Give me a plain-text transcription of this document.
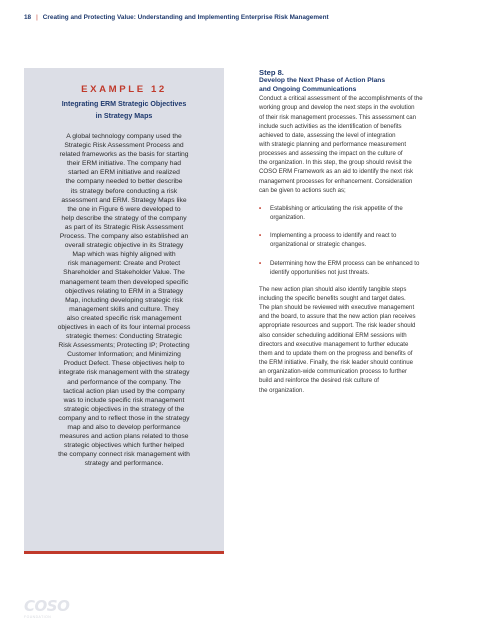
18 | Creating and Protecting Value: Understanding and Implementing Enterprise Risk Management
EXAMPLE 12
Integrating ERM Strategic Objectives
in Strategy Maps
A global technology company used the
Strategic Risk Assessment Process and
related frameworks as the basis for starting
their ERM initiative. The company had
started an ERM initiative and realized
the company needed to better describe
its strategy before conducting a risk
assessment and ERM. Strategy Maps like
the one in Figure 6 were developed to
help describe the strategy of the company
as part of its Strategic Risk Assessment
Process. The company also established an
overall strategic objective in its Strategy
Map which was highly aligned with
risk management: Create and Protect
Shareholder and Stakeholder Value. The
management team then developed specific
objectives relating to ERM in a Strategy
Map, including developing strategic risk
management skills and culture. They
also created specific risk management
objectives in each of its four internal process
strategic themes: Conducting Strategic
Risk Assessments; Protecting IP; Protecting
Customer Information; and Minimizing
Product Defect. These objectives help to
integrate risk management with the strategy
and performance of the company. The
tactical action plan used by the company
was to include specific risk management
strategic objectives in the strategy of the
company and to reflect those in the strategy
map and also to develop performance
measures and action plans related to those
strategic objectives which further helped
the company connect risk management with
strategy and performance.
Step 8.
Develop the Next Phase of Action Plans
and Ongoing Communications
Conduct a critical assessment of the accomplishments of the
working group and develop the next steps in the evolution
of their risk management processes. This assessment can
include such activities as the identification of benefits
achieved to date, assessing the level of integration
with strategic planning and performance measurement
processes and assessing the impact on the culture of
the organization. In this step, the group should revisit the
COSO ERM Framework as an aid to identify the next risk
management processes for enhancement. Consideration
can be given to actions such as;
• Establishing or articulating the risk appetite of the
organization.
• Implementing a process to identify and react to
organizational or strategic changes.
• Determining how the ERM process can be enhanced to
identify opportunities not just threats.
The new action plan should also identify tangible steps
including the specific benefits sought and target dates.
The plan should be reviewed with executive management
and the board, to assure that the new action plan receives
appropriate resources and support. The risk leader should
also consider scheduling additional ERM sessions with
directors and executive management to further educate
them and to update them on the progress and benefits of
the ERM initiative. Finally, the risk leader should continue
an organization-wide communication process to further
build and reinforce the desired risk culture of
the organization.
COSO
FOUNDATION
